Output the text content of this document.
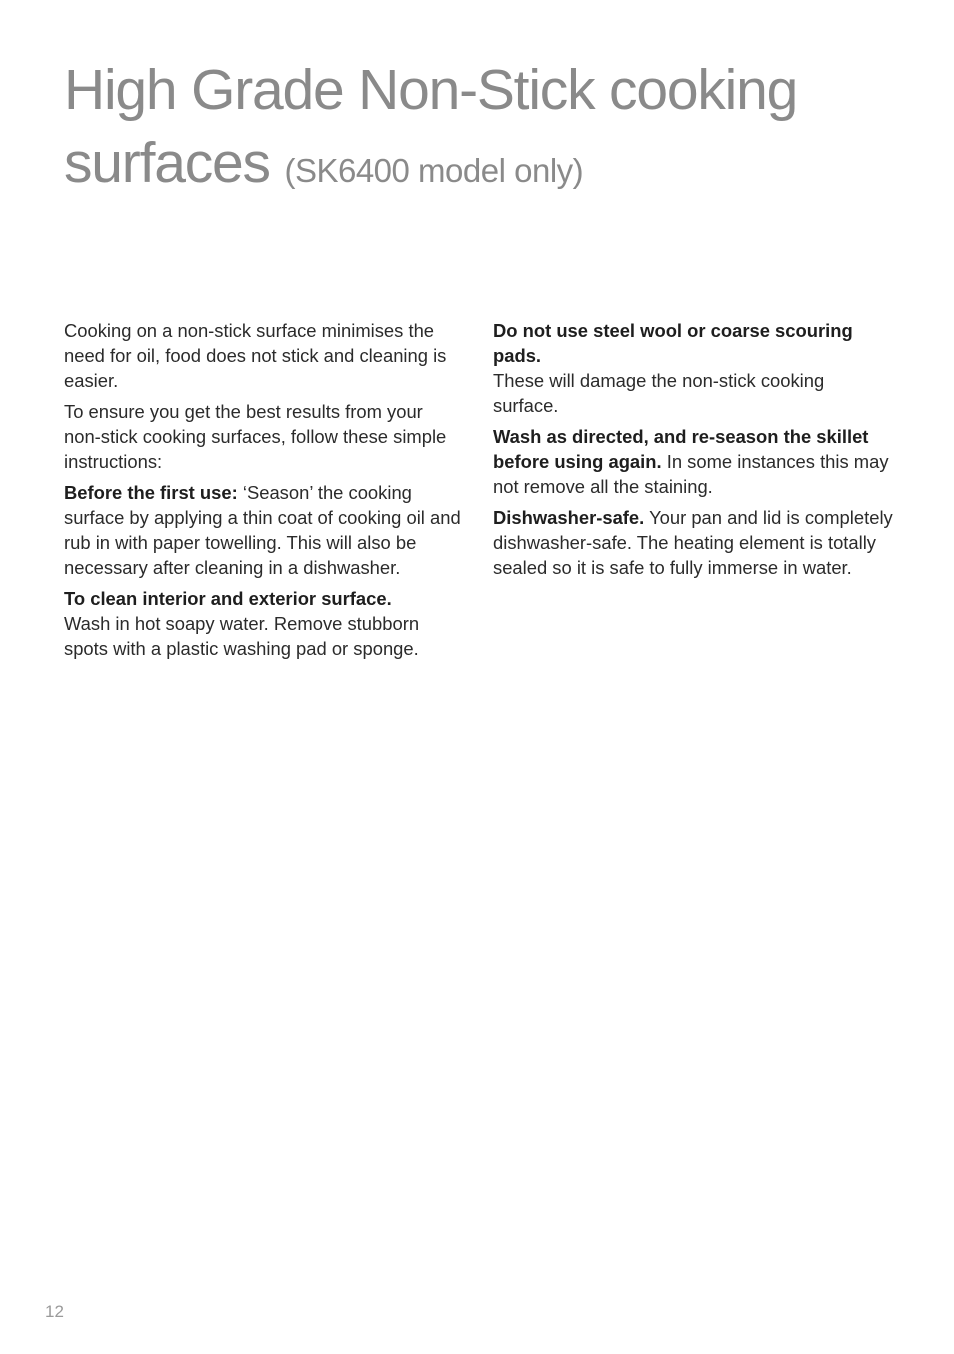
High Grade Non-Stick cooking
surfaces (SK6400 model only)

Cooking on a non-stick surface minimises the need for oil, food does not stick and cleaning is easier.

To ensure you get the best results from your non-stick cooking surfaces, follow these simple instructions:

Before the first use: ‘Season’ the cooking surface by applying a thin coat of cooking oil and rub in with paper towelling. This will also be necessary after cleaning in a dishwasher.

To clean interior and exterior surface.
Wash in hot soapy water. Remove stubborn spots with a plastic washing pad or sponge.

Do not use steel wool or coarse scouring pads.
These will damage the non-stick cooking surface.

Wash as directed, and re-season the skillet before using again. In some instances this may not remove all the staining.

Dishwasher-safe. Your pan and lid is completely dishwasher-safe. The heating element is totally sealed so it is safe to fully immerse in water.

12
